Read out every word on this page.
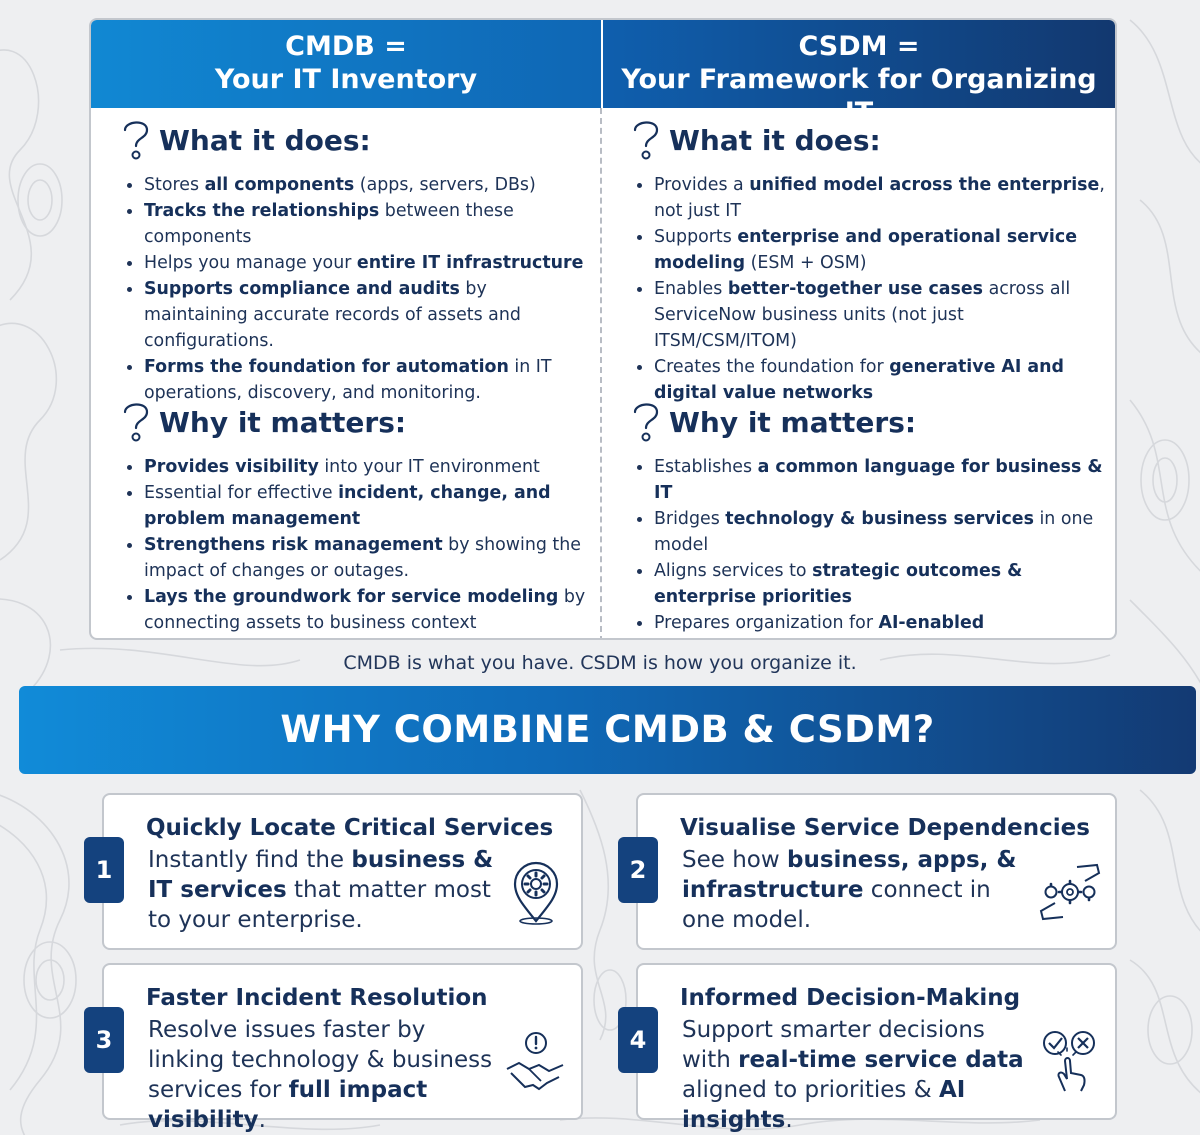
CMDB =
Your IT Inventory
What it does:
Stores all components (apps, servers, DBs)
Tracks the relationships between these components
Helps you manage your entire IT infrastructure
Supports compliance and audits by maintaining accurate records of assets and configurations.
Forms the foundation for automation in IT operations, discovery, and monitoring.
Why it matters:
Provides visibility into your IT environment
Essential for effective incident, change, and problem management
Strengthens risk management by showing the impact of changes or outages.
Lays the groundwork for service modeling by connecting assets to business context
CSDM =
Your Framework for Organizing IT
What it does:
Provides a unified model across the enterprise, not just IT
Supports enterprise and operational service modeling (ESM + OSM)
Enables better-together use cases across all ServiceNow business units (not just ITSM/CSM/ITOM)
Creates the foundation for generative AI and digital value networks
Why it matters:
Establishes a common language for business & IT
Bridges technology & business services in one model
Aligns services to strategic outcomes & enterprise priorities
Prepares organization for AI-enabled
CMDB is what you have. CSDM is how you organize it.
WHY COMBINE CMDB & CSDM?
1
Quickly Locate Critical Services
Instantly find the business & IT services that matter most to your enterprise.
2
Visualise Service Dependencies
See how business, apps, & infrastructure connect in one model.
3
Faster Incident Resolution
Resolve issues faster by linking technology & business services for full impact visibility.
4
Informed Decision-Making
Support smarter decisions with real-time service data aligned to priorities & AI insights.
